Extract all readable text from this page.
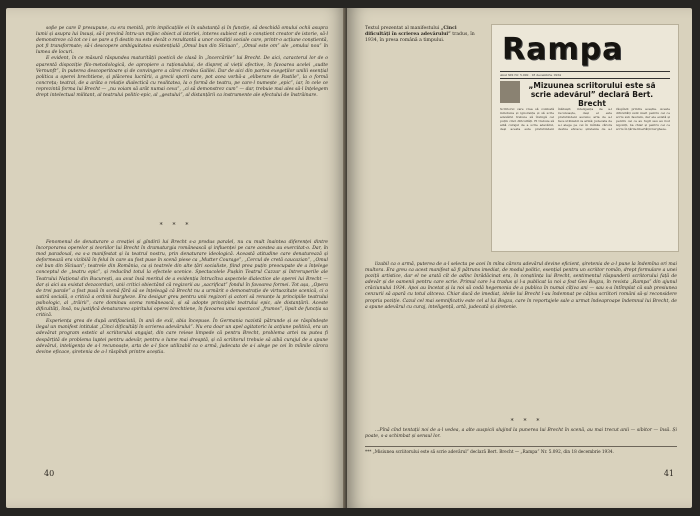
soße pe care îl presupune, cu era menită, prin implicațiile ei în substanță și în funcție, să deschidă omului ochii asupra lumii și asupra lui însuși, să-l prevină întru-un mijloc obiect al istoriei, interes subiect ești o conștient creator de istorie, să-l demonstreze că tot ce i se pare a fi destin nu este decât o rezultantă a unor condiții sociale care, printr-o acțiune conștientă, pot fi transformate; să-i descopere ambiguitatea existențială „Omul bun din Sîciuan”, „Omul este om” ale „omului nou” în lumea de locuri.

E evident, în ce măsură răspundea maturității poeticii de clasă în „încercările” lui Brecht. De aici, caracterul lor de o aparentă dispoziție filo-metodologică, de apropiere a raționalului, de dispreț al vieții afective, în favoarea acelei „sudte Vernunft”, în puterea descoperitoare și de convingere a cărei credea Galilei. Dar de aici din partea exegeților unilii esențial politica a operei brechtiene, și plăcerea lucrării, a grecii sporii care, pot acea vorbă-a „eliberare de Pastile”, la o formă concreța; teatral, de a arăta o relație dialectică cu realitatea, la o formă de teatru, pe care-l numește „epic”, iar, în cele ce reprezintă forma lui Brecht — „nu voiam să arăt numai ceva”, „ci să demonstrez cum” — dar, trebuie mai ales să-l înțelegem drept intelectual militant, al teatrului politic-epic, al „gestului”, al distanțării ca instrumente ale efectului de înstrăinare.

* * *

Fenomenul de denaturare a creației și gîndirii lui Brecht s-a produs paralel, nu cu mult înaintea diferenței dintre încorporarea operelor și teoriilor lui Brecht în dramaturgia românească și influenței pe care acestea au exercitat-o. Dar, în mod paradoxal, ea s-a manifestat și la teatrul nostru, prin denaturare ideologică. Această atitudine care denaturează și deformează era vizibilă în felul în care au fost puse în scenă piese ca „Mutter Courage”, „Cercul de cretă caucazian”, „Omul cel bun din Sîciuan”; teatrele din România, ca și teatrele din alte țări socialiste, fiind prea puțin preocupate de a înțelege conceptul de „teatru epic”, și reducînd totul la efectele scenice. Spectacolele Pușkin Teatrul Cazzar și întreruperile ale Teatrului Național din București, au avut însă meritul de a evidenția întrucîtva aspectele dialectice ale operei lui Brecht — dar și aici au existat dezacorduri, unii critici obiectând că regizorii au „sacrificat” fondul în favoarea formei. Tot așa, „Opera de trei parale” a fost pusă în scenă fără să se înțeleagă că Brecht nu a urmărit o demonstrație de virtuozitate scenică, ci o satiră socială, o critică a ordinii burgheze. Era desigur greu pentru unii regizori și actori să renunțe la principiile teatrului psihologic, al „trăirii”, care dominau scena românească, și să adopte principiile teatrului epic, ale distanțării. Aceste dificultăți, însă, nu justifică denaturarea spiritului operei brechtiene, în favoarea unui spectacol „frumos”, lipsit de funcția sa critică.

Experiența grea de după antifascistă, în anii de exil, abia începuse. În Germania nazistă pătrunde și se răspîndește ilegal un manifest intitulat „Cinci dificultăți în scrierea adevărului”. Nu era doar un apel agitatoric la acțiune politică, era un adevărat program estetic al scriitorului angajat, din care reiese limpede că pentru Brecht, problema artei nu putea fi despărțită de problema luptei pentru adevăr, pentru o lume mai dreaptă, și că scriitorul trebuie să aibă curajul de a spune adevărul, inteligența de a-l recunoaște, arta de a-l face utilizabil ca o armă, judecata de a-i alege pe cei în mîinile cărora devine eficace, șiretenia de a-l răspîndi printre aceștia.

40
Textul prezentat al manifestului „Cinci dificultăți în scrierea adevărului” tradus, în 1934, în presa română a timpului.	Rampa
Anul XIX Nr. 5.092 · 18 decembrie 1934
„Mizuunea scriitorului este să scrie adevărul” declară Bert. Brecht
Scriitorul care vrea să combată minciuna și ignoranța și să scrie adevărul trebuie să învingă cel puțin cinci dificultăți. El trebuie să aibă curajul de a scrie adevărul, deși acesta este pretutindeni înăbușit; inteligența de a-l recunoaște, deși el este pretutindeni ascuns; arta de a-l face utilizabil ca armă; judecata de a-i alege pe cei în mîinile cărora devine eficace; șiretenia de a-l răspîndi printre aceștia. Aceste dificultăți sunt mari pentru cei ce scriu sub fascism, dar ele există și pentru cei ce au fugit sau au fost izgoniți, ba chiar și pentru cei ce scriu în țările libertății burgheze.

lizabil ca o armă, puterea de a-l selecta pe acei în mîna cărora adevărul devine eficient, șiretenia de a-l pune la îndemîna ori mai multora. Era greu ca acest manifest să fi pătruns imediat, de modul politic, esențial pentru un scriitor român, drept formulare a unei poziții artistice, dar el ne arată cît de adînc înrădăcinat era, în conștiința lui Brecht, sentimentul răspunderii scriitorului față de adevăr și de oamenii pentru care scrie. Primul care l-a tradus și l-a publicat la noi a fost Geo Bogza, în revista „Rampa” din ajunul crăciunului 1934. Apoi au încetat și la noi să codă hegemonia de a publica în numai cîțiva ani — sau s-a întîmplat că sub presiunea cenzurii să apară cu totul altceva. Chiar dacă de imediat, ideile lui Brecht l-au îndemnat pe câțiva scriitori români să-și reconsidere propria poziție. Cazul cel mai semnificativ este cel al lui Bogza, care în reportajele sale a urmat îndeaproape îndemnul lui Brecht, de a spune adevărul cu curaj, inteligență, artă, judecată și șiretenie.

* * *

...Pînă cînd tentații noi de a-l vedea, a alte auspicii slujind la punerea lui Brecht în scenă, au mai trecut anii — sibitor — însă. Și poate, s-a schimbat și sensul lor.

*** „Misiunea scriitorului este să scrie adevărul” declară Bert. Brecht — „Rampa” Nr. 5.092, din 18 decembrie 1934.
41
